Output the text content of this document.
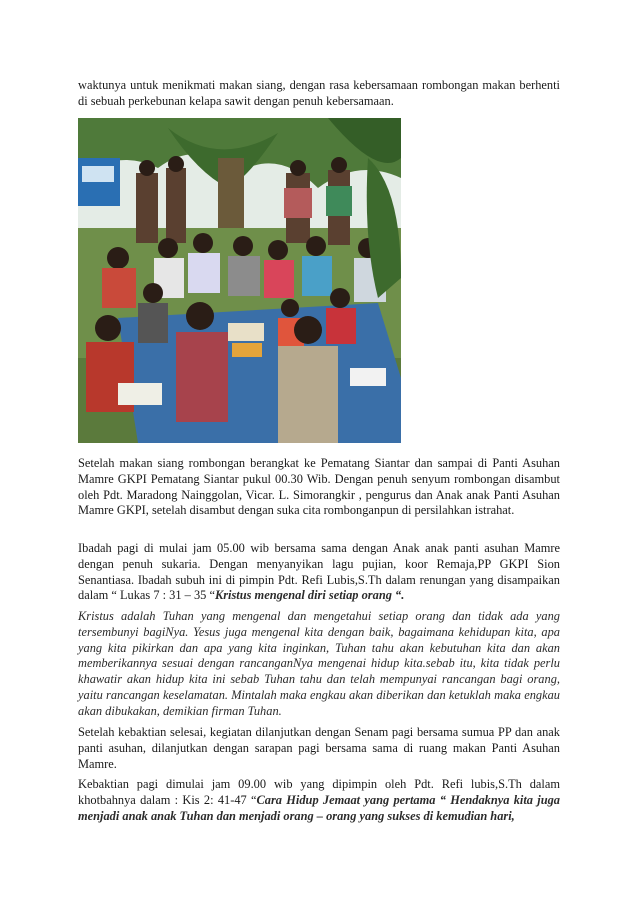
waktunya untuk menikmati makan siang, dengan rasa kebersamaan rombongan makan berhenti di sebuah perkebunan kelapa sawit dengan penuh kebersamaan.

Setelah makan siang rombongan berangkat ke Pematang Siantar dan sampai di Panti Asuhan Mamre GKPI Pematang Siantar pukul 00.30 Wib. Dengan penuh senyum rombongan disambut oleh Pdt. Maradong Nainggolan, Vicar. L. Simorangkir , pengurus dan Anak anak Panti Asuhan Mamre GKPI, setelah disambut dengan suka cita rombonganpun di persilahkan istrahat.

Ibadah pagi di mulai jam 05.00 wib bersama sama dengan Anak anak panti asuhan Mamre dengan penuh sukaria. Dengan menyanyikan lagu pujian, koor Remaja,PP GKPI Sion Senantiasa. Ibadah subuh ini di pimpin Pdt. Refi Lubis,S.Th dalam renungan yang disampaikan dalam “ Lukas 7 : 31 – 35 “Kristus mengenal diri setiap orang “.

Kristus adalah Tuhan yang mengenal dan mengetahui setiap orang dan tidak ada yang tersembunyi bagiNya. Yesus juga mengenal kita dengan baik, bagaimana kehidupan kita, apa yang kita pikirkan dan apa yang kita inginkan, Tuhan tahu akan kebutuhan kita dan akan memberikannya sesuai dengan rancanganNya mengenai hidup kita.sebab itu, kita tidak perlu khawatir akan hidup kita ini sebab Tuhan tahu dan telah mempunyai rancangan bagi orang, yaitu rancangan keselamatan. Mintalah maka engkau akan diberikan dan ketuklah maka engkau akan dibukakan, demikian firman Tuhan.

Setelah kebaktian selesai, kegiatan dilanjutkan dengan Senam pagi bersama sumua PP dan anak panti asuhan, dilanjutkan dengan sarapan pagi bersama sama di ruang makan Panti Asuhan Mamre.

Kebaktian pagi dimulai jam 09.00 wib yang dipimpin oleh Pdt. Refi lubis,S.Th dalam khotbahnya dalam : Kis 2: 41-47 “Cara Hidup Jemaat yang pertama “ Hendaknya kita juga menjadi anak anak Tuhan dan menjadi orang – orang yang sukses di kemudian hari,
